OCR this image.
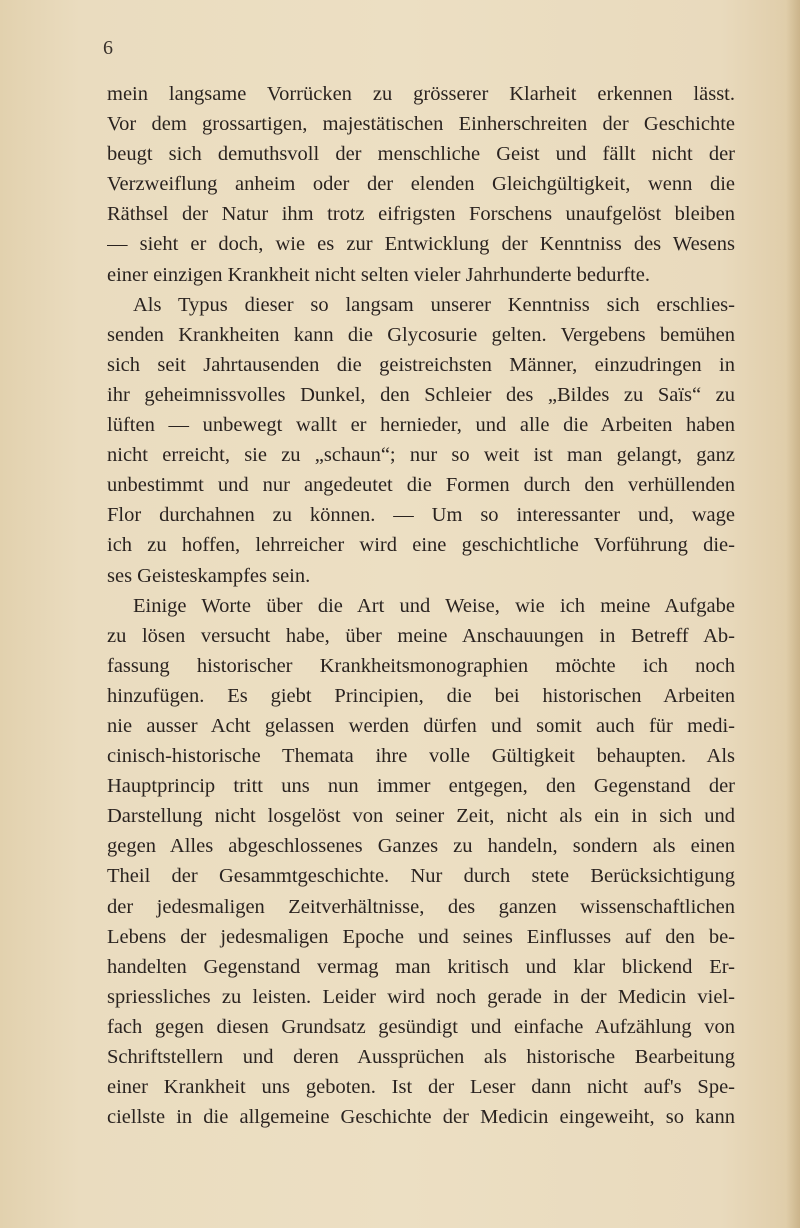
6
mein langsame Vorrücken zu grösserer Klarheit erkennen lässt.
Vor dem grossartigen, majestätischen Einherschreiten der Geschichte
beugt sich demuthsvoll der menschliche Geist und fällt nicht der
Verzweiflung anheim oder der elenden Gleichgültigkeit, wenn die
Räthsel der Natur ihm trotz eifrigsten Forschens unaufgelöst bleiben
— sieht er doch, wie es zur Entwicklung der Kenntniss des Wesens
einer einzigen Krankheit nicht selten vieler Jahrhunderte bedurfte.
Als Typus dieser so langsam unserer Kenntniss sich erschlies-
senden Krankheiten kann die Glycosurie gelten. Vergebens bemühen
sich seit Jahrtausenden die geistreichsten Männer, einzudringen in
ihr geheimnissvolles Dunkel, den Schleier des „Bildes zu Saïs“ zu
lüften — unbewegt wallt er hernieder, und alle die Arbeiten haben
nicht erreicht, sie zu „schaun“; nur so weit ist man gelangt, ganz
unbestimmt und nur angedeutet die Formen durch den verhüllenden
Flor durchahnen zu können. — Um so interessanter und, wage
ich zu hoffen, lehrreicher wird eine geschichtliche Vorführung die-
ses Geisteskampfes sein.
Einige Worte über die Art und Weise, wie ich meine Aufgabe
zu lösen versucht habe, über meine Anschauungen in Betreff Ab-
fassung historischer Krankheitsmonographien möchte ich noch
hinzufügen. Es giebt Principien, die bei historischen Arbeiten
nie ausser Acht gelassen werden dürfen und somit auch für medi-
cinisch-historische Themata ihre volle Gültigkeit behaupten. Als
Hauptprincip tritt uns nun immer entgegen, den Gegenstand der
Darstellung nicht losgelöst von seiner Zeit, nicht als ein in sich und
gegen Alles abgeschlossenes Ganzes zu handeln, sondern als einen
Theil der Gesammtgeschichte. Nur durch stete Berücksichtigung
der jedesmaligen Zeitverhältnisse, des ganzen wissenschaftlichen
Lebens der jedesmaligen Epoche und seines Einflusses auf den be-
handelten Gegenstand vermag man kritisch und klar blickend Er-
spriessliches zu leisten. Leider wird noch gerade in der Medicin viel-
fach gegen diesen Grundsatz gesündigt und einfache Aufzählung von
Schriftstellern und deren Aussprüchen als historische Bearbeitung
einer Krankheit uns geboten. Ist der Leser dann nicht auf's Spe-
ciellste in die allgemeine Geschichte der Medicin eingeweiht, so kann
